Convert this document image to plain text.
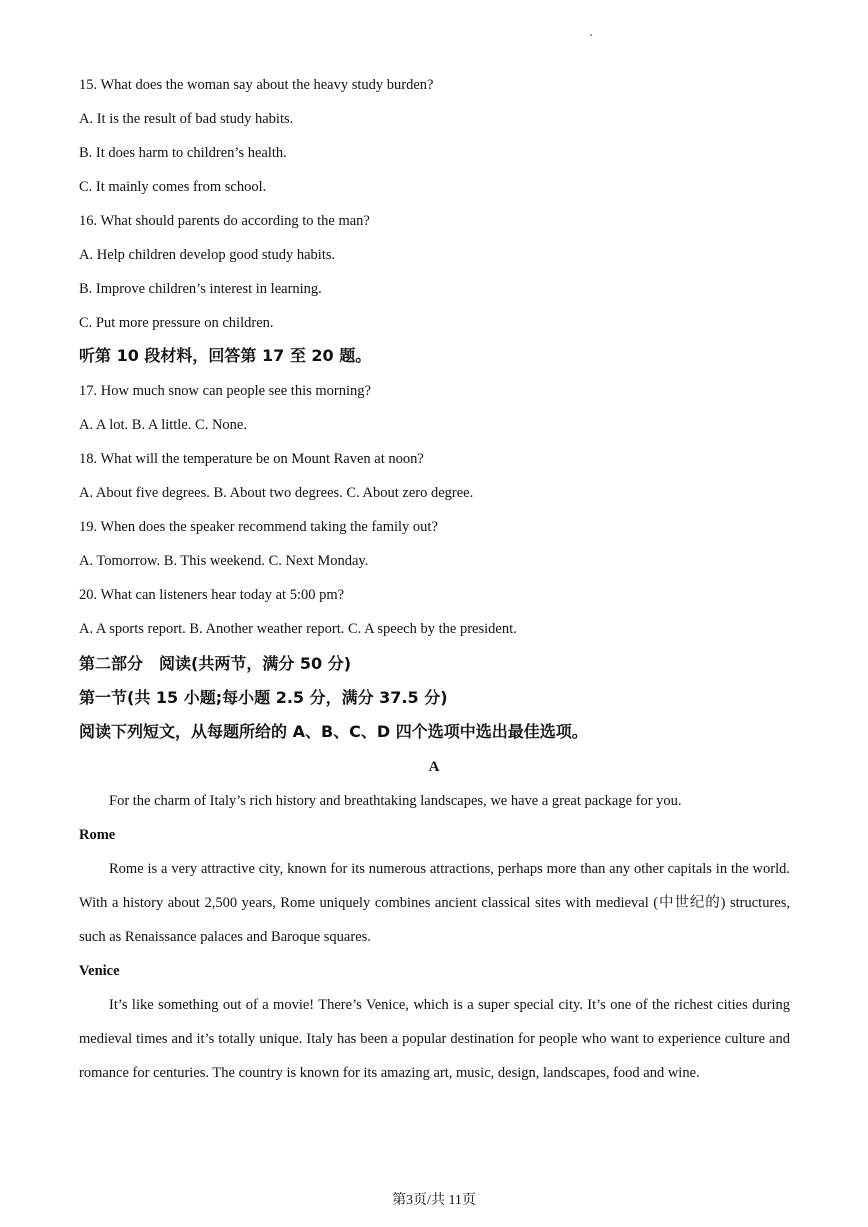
15. What does the woman say about the heavy study burden?
A. It is the result of bad study habits.
B. It does harm to children’s health.
C. It mainly comes from school.
16. What should parents do according to the man?
A. Help children develop good study habits.
B. Improve children’s interest in learning.
C. Put more pressure on children.
听第 10 段材料，回答第 17 至 20 题。
17. How much snow can people see this morning?
A. A lot. B. A little. C. None.
18. What will the temperature be on Mount Raven at noon?
A. About five degrees. B. About two degrees. C. About zero degree.
19. When does the speaker recommend taking the family out?
A. Tomorrow. B. This weekend. C. Next Monday.
20. What can listeners hear today at 5:00 pm?
A. A sports report. B. Another weather report. C. A speech by the president.
第二部分　阅读(共两节，满分 50 分)
第一节(共 15 小题;每小题 2.5 分，满分 37.5 分)
阅读下列短文，从每题所给的 A、B、C、D 四个选项中选出最佳选项。
A

For the charm of Italy’s rich history and breathtaking landscapes, we have a great package for you.

Rome

Rome is a very attractive city, known for its numerous attractions, perhaps more than any other capitals in the world. With a history about 2,500 years, Rome uniquely combines ancient classical sites with medieval (中世纪的) structures, such as Renaissance palaces and Baroque squares.

Venice

It’s like something out of a movie! There’s Venice, which is a super special city. It’s one of the richest cities during medieval times and it’s totally unique. Italy has been a popular destination for people who want to experience culture and romance for centuries. The country is known for its amazing art, music, design, landscapes, food and wine.

第3页/共 11页
